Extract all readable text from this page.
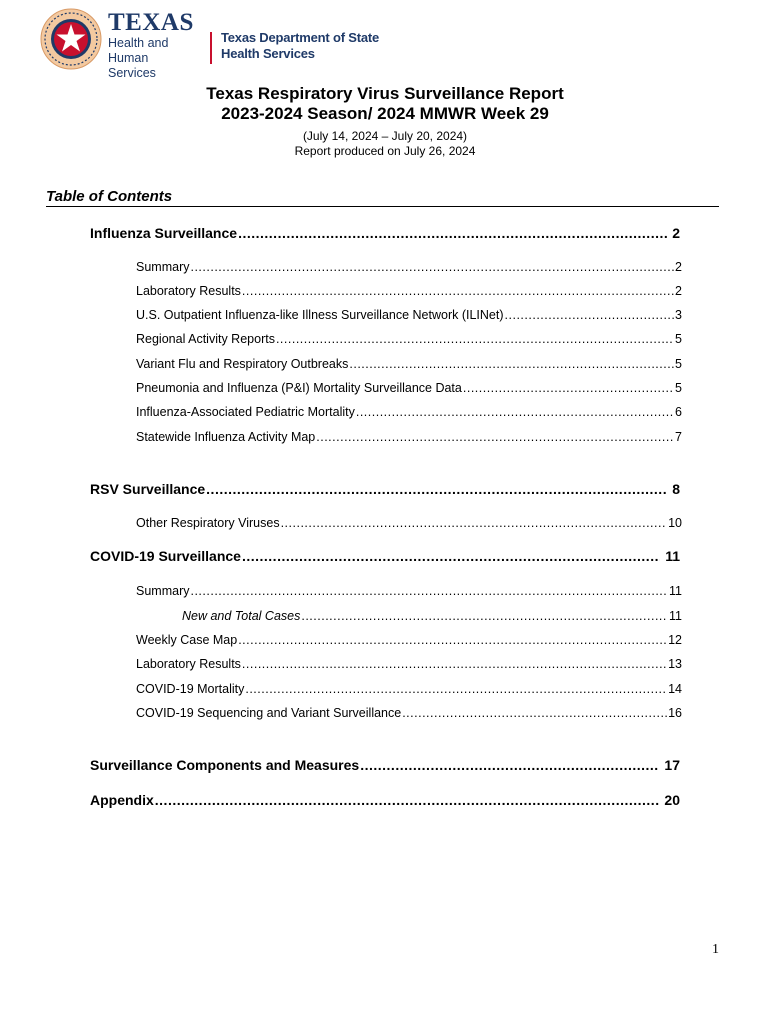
TEXAS
Health and Human
Services
Texas Department of State
Health Services
Texas Respiratory Virus Surveillance Report
2023-2024 Season/ 2024 MMWR Week 29
(July 14, 2024 – July 20, 2024)
Report produced on July 26, 2024
Table of Contents
Influenza Surveillance .....	2
Summary .....	2
Laboratory Results .....	2
U.S. Outpatient Influenza-like Illness Surveillance Network (ILINet) .....	3
Regional Activity Reports .....	5
Variant Flu and Respiratory Outbreaks .....	5
Pneumonia and Influenza (P&I) Mortality Surveillance Data .....	5
Influenza-Associated Pediatric Mortality .....	6
Statewide Influenza Activity Map .....	7
RSV Surveillance .....	8
Other Respiratory Viruses .....	10
COVID-19 Surveillance .....	11
Summary .....	11
New and Total Cases .....	11
Weekly Case Map .....	12
Laboratory Results .....	13
COVID-19 Mortality .....	14
COVID-19 Sequencing and Variant Surveillance .....	16
Surveillance Components and Measures .....	17
Appendix .....	20
1
